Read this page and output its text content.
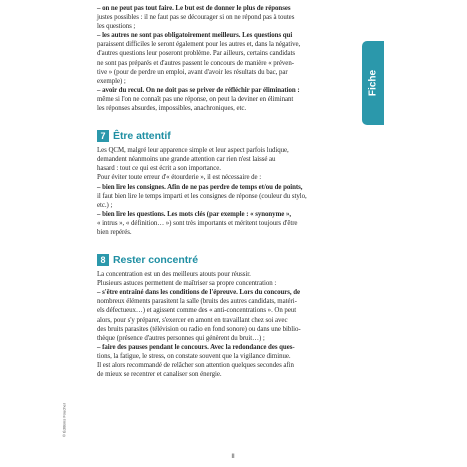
– on ne peut pas tout faire. Le but est de donner le plus de réponses

justes possibles : il ne faut pas se décourager si on ne répond pas à toutes

les questions ;

– les autres ne sont pas obligatoirement meilleurs. Les questions qui

paraissent difficiles le seront également pour les autres et, dans la négative,

d'autres questions leur poseront problème. Par ailleurs, certains candidats

ne sont pas préparés et d'autres passent le concours de manière « préven-

tive » (pour de perdre un emploi, avant d'avoir les résultats du bac, par

exemple) ;

– avoir du recul. On ne doit pas se priver de réfléchir par élimination :

même si l'on ne connaît pas une réponse, on peut la deviner en éliminant

les réponses absurdes, impossibles, anachroniques, etc.

7 Être attentif

Les QCM, malgré leur apparence simple et leur aspect parfois ludique,

demandent néanmoins une grande attention car rien n'est laissé au

hasard : tout ce qui est écrit a son importance.

Pour éviter toute erreur d'« étourderie », il est nécessaire de :

– bien lire les consignes. Afin de ne pas perdre de temps et/ou de points,

il faut bien lire le temps imparti et les consignes de réponse (couleur du stylo,

etc.) ;

– bien lire les questions. Les mots clés (par exemple : « synonyme »,

« intrus », « définition… ») sont très importants et méritent toujours d'être

bien repérés.

8 Rester concentré

La concentration est un des meilleurs atouts pour réussir.

Plusieurs astuces permettent de maîtriser sa propre concentration :

– s'être entraîné dans les conditions de l'épreuve. Lors du concours, de

nombreux éléments parasitent la salle (bruits des autres candidats, matéri-

els défectueux…) et agissent comme des « anti-concentrations ». On peut

alors, pour s'y préparer, s'exercer en amont en travaillant chez soi avec

des bruits parasites (télévision ou radio en fond sonore) ou dans une biblio-

thèque (présence d'autres personnes qui génèrent du bruit…) ;

– faire des pauses pendant le concours. Avec la redondance des ques-

tions, la fatigue, le stress, on constate souvent que la vigilance diminue.

Il est alors recommandé de relâcher son attention quelques secondes afin

de mieux se recentrer et canaliser son énergie.

Fiche
© Éditions Foucher
II
